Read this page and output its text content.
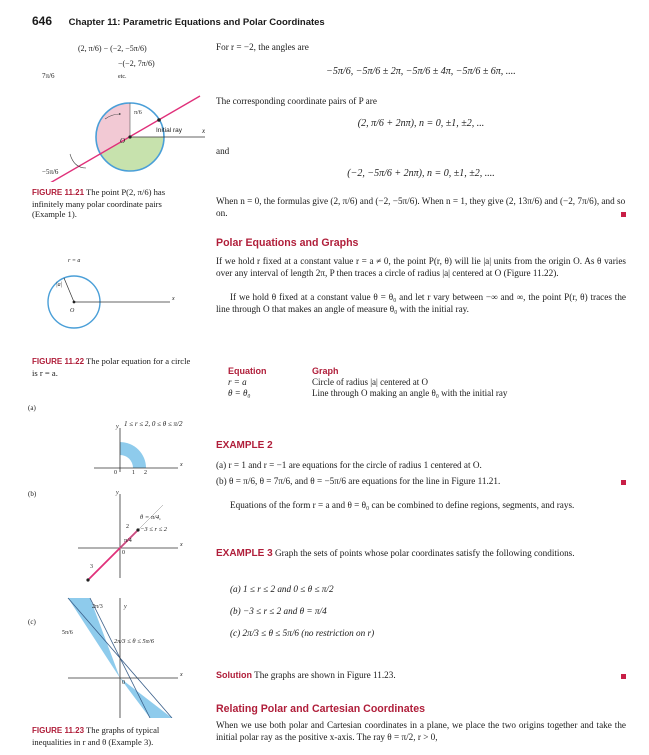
646 Chapter 11: Parametric Equations and Polar Coordinates
(2, π/6) − (−2, −5π/6)
−(−2, 7π/6)
etc.
7π/6
−5π/6
π/6
O
Initial ray	x
FIGURE 11.21 The point P(2, π/6) has infinitely many polar coordinate pairs (Example 1).
r = a
|a|
O
x
FIGURE 11.22 The polar equation for a circle is r = a.
(a)
1 ≤ r ≤ 2, 0 ≤ θ ≤ π/2
0	1 2
x
y
(b)
θ = π/4,
−3 ≤ r ≤ 2
π/4
2
3
0
x
y
(c)
2π/3 ≤ θ ≤ 5π/6
2π/3
5π/6
0
x
y
FIGURE 11.23 The graphs of typical inequalities in r and θ (Example 3).
For r = −2, the angles are
−5π/6, −5π/6 ± 2π, −5π/6 ± 4π, −5π/6 ± 6π, ....
The corresponding coordinate pairs of P are
(2, π/6 + 2nπ), n = 0, ±1, ±2, ...
and
(−2, −5π/6 + 2nπ), n = 0, ±1, ±2, ....
When n = 0, the formulas give (2, π/6) and (−2, −5π/6). When n = 1, they give (2, 13π/6) and (−2, 7π/6), and so on.
Polar Equations and Graphs
If we hold r fixed at a constant value r = a ≠ 0, the point P(r, θ) will lie |a| units from the origin O. As θ varies over any interval of length 2π, P then traces a circle of radius |a| centered at O (Figure 11.22).
If we hold θ fixed at a constant value θ = θ₀ and let r vary between −∞ and ∞, the point P(r, θ) traces the line through O that makes an angle of measure θ₀ with the initial ray.
Equation	Graph
r = a	Circle of radius |a| centered at O
θ = θ₀	Line through O making an angle θ₀ with the initial ray
EXAMPLE 2
(a) r = 1 and r = −1 are equations for the circle of radius 1 centered at O.
(b) θ = π/6, θ = 7π/6, and θ = −5π/6 are equations for the line in Figure 11.21.
Equations of the form r = a and θ = θ₀ can be combined to define regions, segments, and rays.
EXAMPLE 3 Graph the sets of points whose polar coordinates satisfy the following conditions.
(a) 1 ≤ r ≤ 2 and 0 ≤ θ ≤ π/2
(b) −3 ≤ r ≤ 2 and θ = π/4
(c) 2π/3 ≤ θ ≤ 5π/6 (no restriction on r)
Solution The graphs are shown in Figure 11.23.
Relating Polar and Cartesian Coordinates
When we use both polar and Cartesian coordinates in a plane, we place the two origins together and take the initial polar ray as the positive x-axis. The ray θ = π/2, r > 0,
